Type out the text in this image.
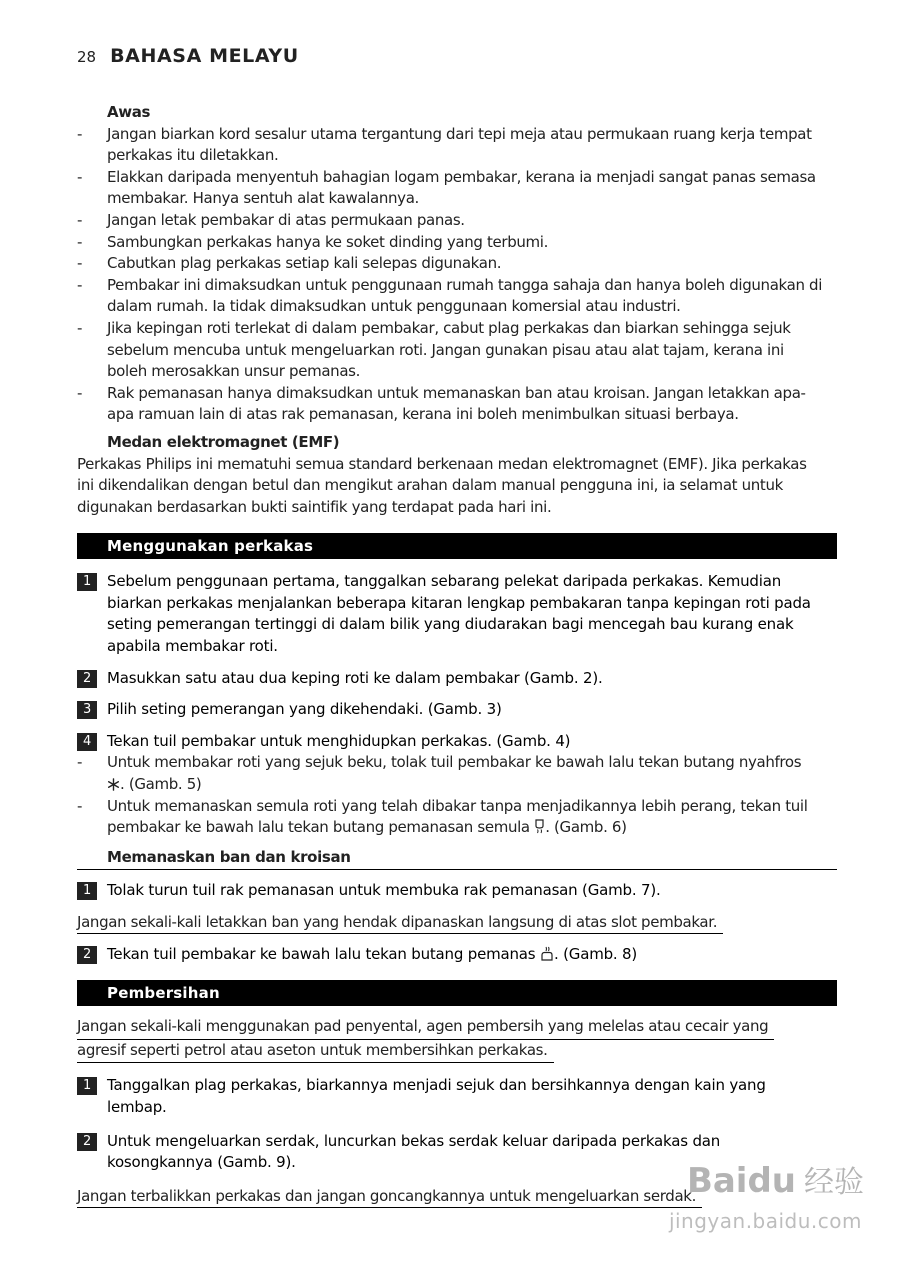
28 BAHASA MELAYU
Awas
- Jangan biarkan kord sesalur utama tergantung dari tepi meja atau permukaan ruang kerja tempat
perkakas itu diletakkan.
- Elakkan daripada menyentuh bahagian logam pembakar, kerana ia menjadi sangat panas semasa
membakar. Hanya sentuh alat kawalannya.
- Jangan letak pembakar di atas permukaan panas.
- Sambungkan perkakas hanya ke soket dinding yang terbumi.
- Cabutkan plag perkakas setiap kali selepas digunakan.
- Pembakar ini dimaksudkan untuk penggunaan rumah tangga sahaja dan hanya boleh digunakan di
dalam rumah. Ia tidak dimaksudkan untuk penggunaan komersial atau industri.
- Jika kepingan roti terlekat di dalam pembakar, cabut plag perkakas dan biarkan sehingga sejuk
sebelum mencuba untuk mengeluarkan roti. Jangan gunakan pisau atau alat tajam, kerana ini
boleh merosakkan unsur pemanas.
- Rak pemanasan hanya dimaksudkan untuk memanaskan ban atau kroisan. Jangan letakkan apa-
apa ramuan lain di atas rak pemanasan, kerana ini boleh menimbulkan situasi berbaya.
Medan elektromagnet (EMF)
Perkakas Philips ini mematuhi semua standard berkenaan medan elektromagnet (EMF). Jika perkakas
ini dikendalikan dengan betul dan mengikut arahan dalam manual pengguna ini, ia selamat untuk
digunakan berdasarkan bukti saintifik yang terdapat pada hari ini.
Menggunakan perkakas
1	Sebelum penggunaan pertama, tanggalkan sebarang pelekat daripada perkakas. Kemudian
biarkan perkakas menjalankan beberapa kitaran lengkap pembakaran tanpa kepingan roti pada
seting pemerangan tertinggi di dalam bilik yang diudarakan bagi mencegah bau kurang enak
apabila membakar roti.
2	Masukkan satu atau dua keping roti ke dalam pembakar (Gamb. 2).
3	Pilih seting pemerangan yang dikehendaki. (Gamb. 3)
4	Tekan tuil pembakar untuk menghidupkan perkakas. (Gamb. 4)
- Untuk membakar roti yang sejuk beku, tolak tuil pembakar ke bawah lalu tekan butang nyahfros
. (Gamb. 5)
- Untuk memanaskan semula roti yang telah dibakar tanpa menjadikannya lebih perang, tekan tuil
pembakar ke bawah lalu tekan butang pemanasan semula . (Gamb. 6)
Memanaskan ban dan kroisan
1	Tolak turun tuil rak pemanasan untuk membuka rak pemanasan (Gamb. 7).
Jangan sekali-kali letakkan ban yang hendak dipanaskan langsung di atas slot pembakar.
2	Tekan tuil pembakar ke bawah lalu tekan butang pemanas . (Gamb. 8)
Pembersihan
Jangan sekali-kali menggunakan pad penyental, agen pembersih yang melelas atau cecair yang
agresif seperti petrol atau aseton untuk membersihkan perkakas.
1	Tanggalkan plag perkakas, biarkannya menjadi sejuk dan bersihkannya dengan kain yang
lembap.
2	Untuk mengeluarkan serdak, luncurkan bekas serdak keluar daripada perkakas dan
kosongkannya (Gamb. 9).
Jangan terbalikkan perkakas dan jangan goncangkannya untuk mengeluarkan serdak.
Baidu 经验
jingyan.baidu.com
